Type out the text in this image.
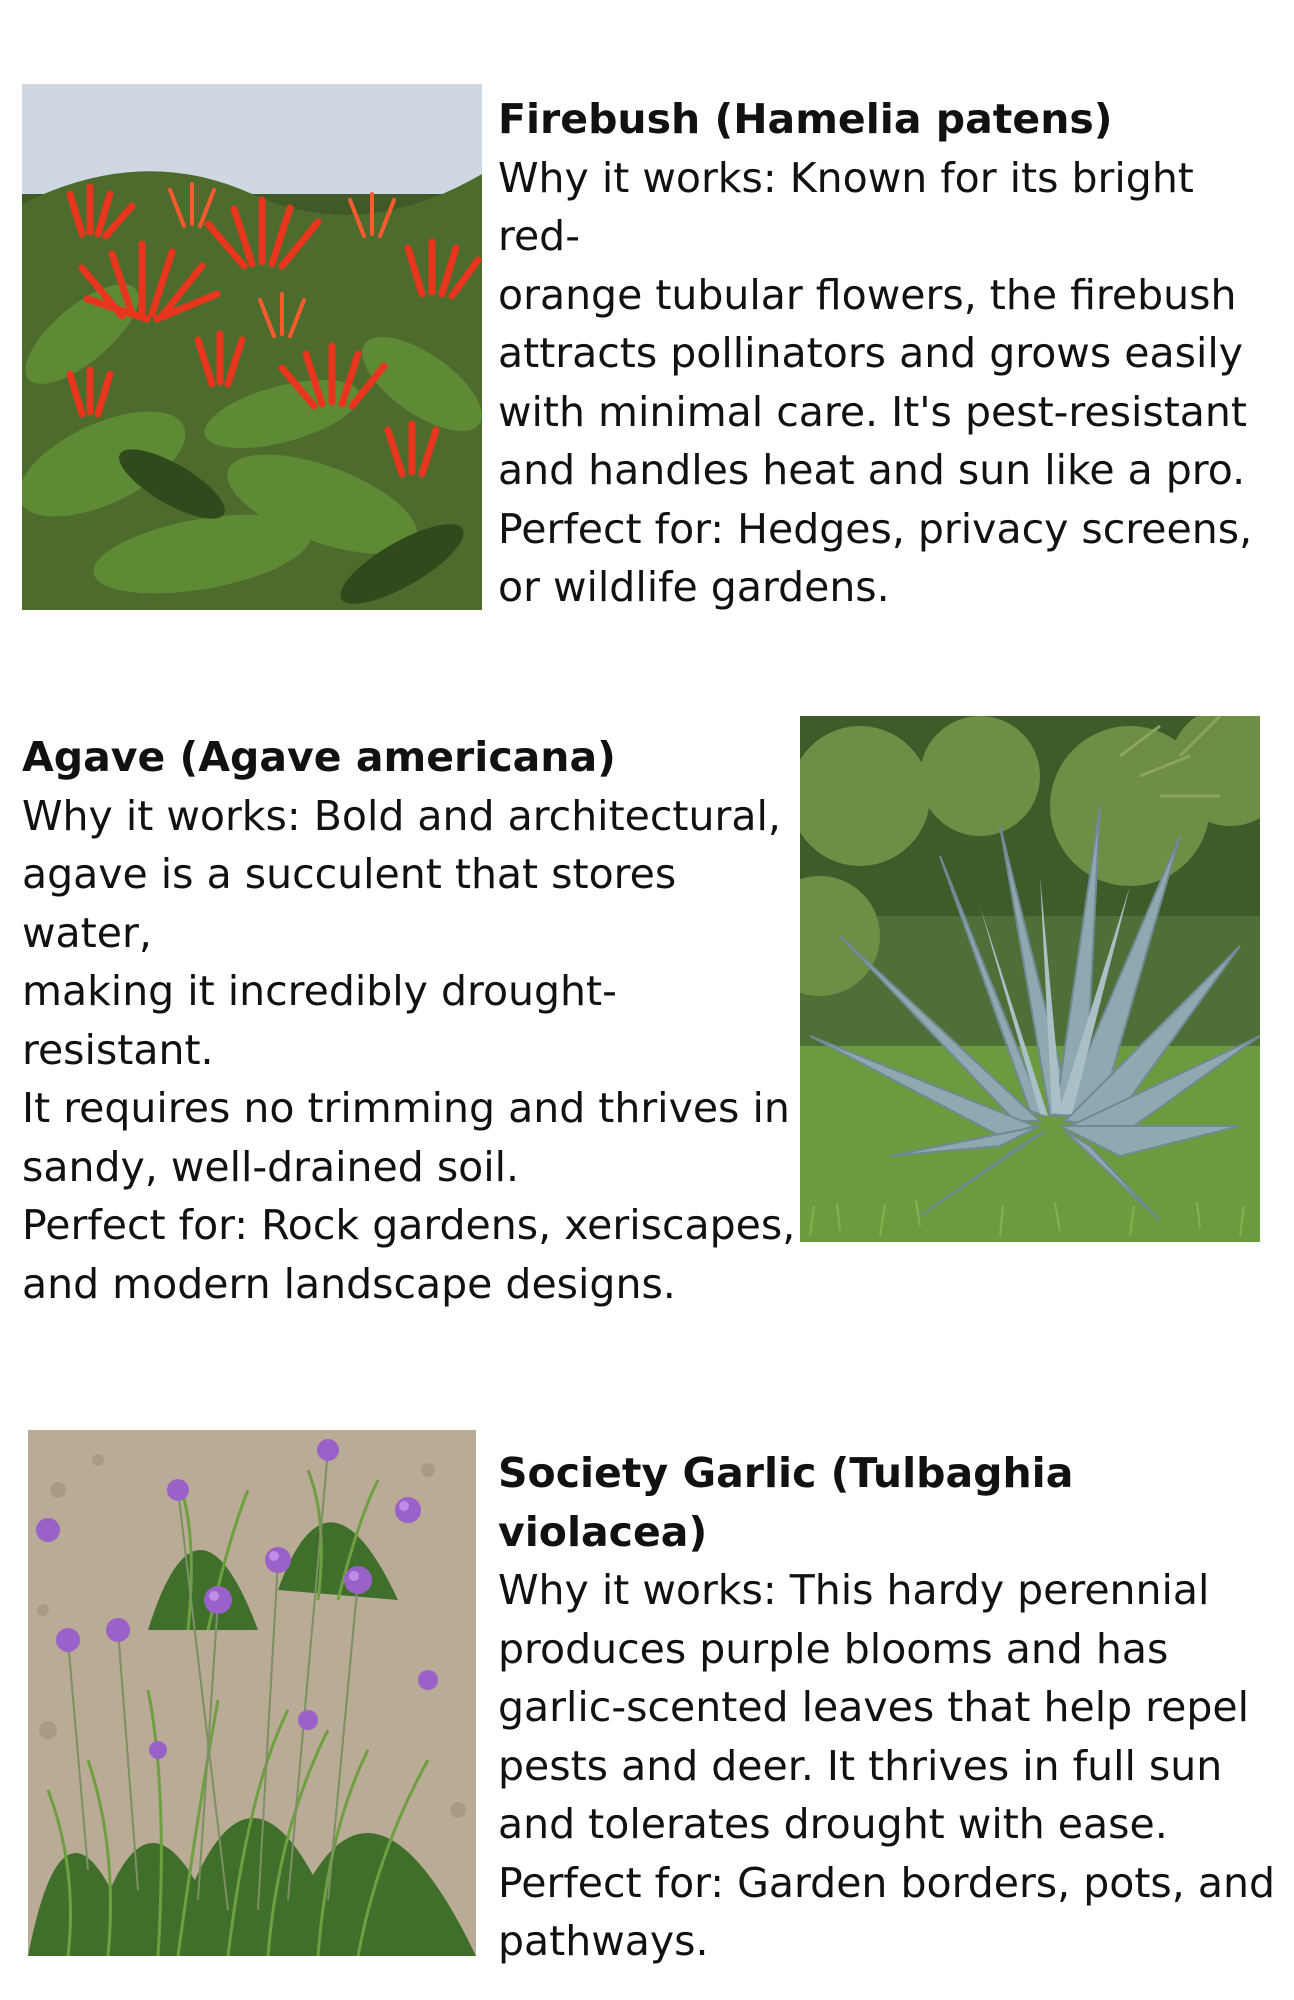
Firebush (Hamelia patens)

Why it works: Known for its bright red-

orange tubular flowers, the firebush

attracts pollinators and grows easily

with minimal care. It's pest-resistant

and handles heat and sun like a pro.

Perfect for: Hedges, privacy screens,

or wildlife gardens.

Agave (Agave americana)

Why it works: Bold and architectural,

agave is a succulent that stores water,

making it incredibly drought-resistant.

It requires no trimming and thrives in

sandy, well-drained soil.

Perfect for: Rock gardens, xeriscapes,

and modern landscape designs.

Society Garlic (Tulbaghia violacea)

Why it works: This hardy perennial

produces purple blooms and has

garlic-scented leaves that help repel

pests and deer. It thrives in full sun

and tolerates drought with ease.

Perfect for: Garden borders, pots, and

pathways.
